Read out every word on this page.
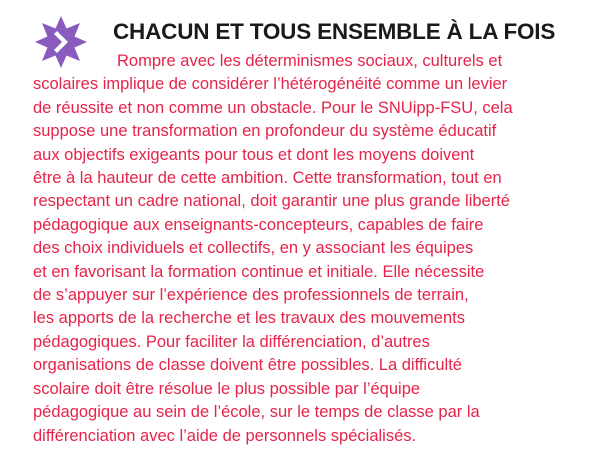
CHACUN ET TOUS ENSEMBLE À LA FOIS

Rompre avec les déterminismes sociaux, culturels et
scolaires implique de considérer l’hétérogénéité comme un levier
de réussite et non comme un obstacle. Pour le SNUipp-FSU, cela
suppose une transformation en profondeur du système éducatif
aux objectifs exigeants pour tous et dont les moyens doivent
être à la hauteur de cette ambition. Cette transformation, tout en
respectant un cadre national, doit garantir une plus grande liberté
pédagogique aux enseignants-concepteurs, capables de faire
des choix individuels et collectifs, en y associant les équipes
et en favorisant la formation continue et initiale. Elle nécessite
de s’appuyer sur l’expérience des professionnels de terrain,
les apports de la recherche et les travaux des mouvements
pédagogiques. Pour faciliter la différenciation, d’autres
organisations de classe doivent être possibles. La difficulté
scolaire doit être résolue le plus possible par l’équipe
pédagogique au sein de l’école, sur le temps de classe par la
différenciation avec l’aide de personnels spécialisés.
